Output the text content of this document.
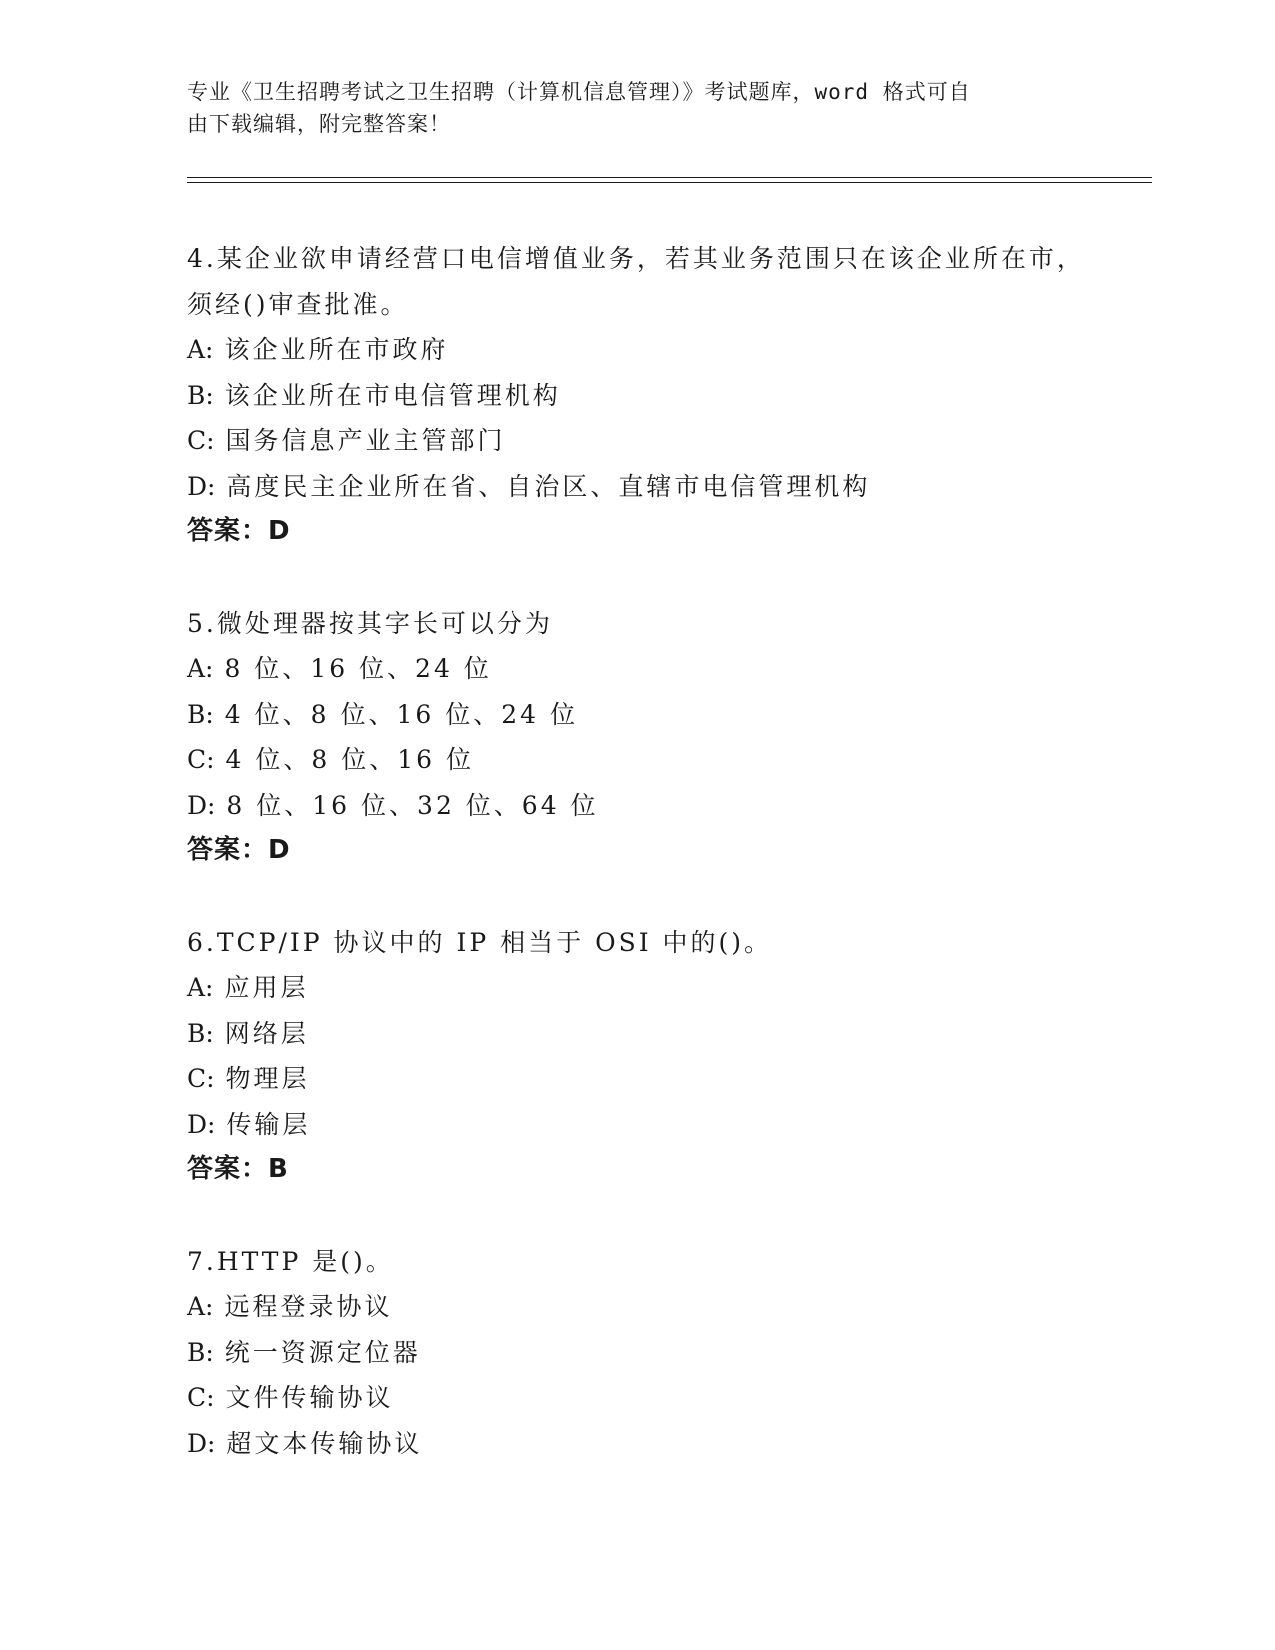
专业《卫生招聘考试之卫生招聘（计算机信息管理）》考试题库，word 格式可自
由下载编辑，附完整答案！
4.某企业欲申请经营口电信增值业务，若其业务范围只在该企业所在市，须经()审查批准。
A: 该企业所在市政府
B: 该企业所在市电信管理机构
C: 国务信息产业主管部门
D: 高度民主企业所在省、自治区、直辖市电信管理机构
答案：D
5.微处理器按其字长可以分为
A: 8 位、16 位、24 位
B: 4 位、8 位、16 位、24 位
C: 4 位、8 位、16 位
D: 8 位、16 位、32 位、64 位
答案：D
6.TCP/IP 协议中的 IP 相当于 OSI 中的()。
A: 应用层
B: 网络层
C: 物理层
D: 传输层
答案：B
7.HTTP 是()。
A: 远程登录协议
B: 统一资源定位器
C: 文件传输协议
D: 超文本传输协议
